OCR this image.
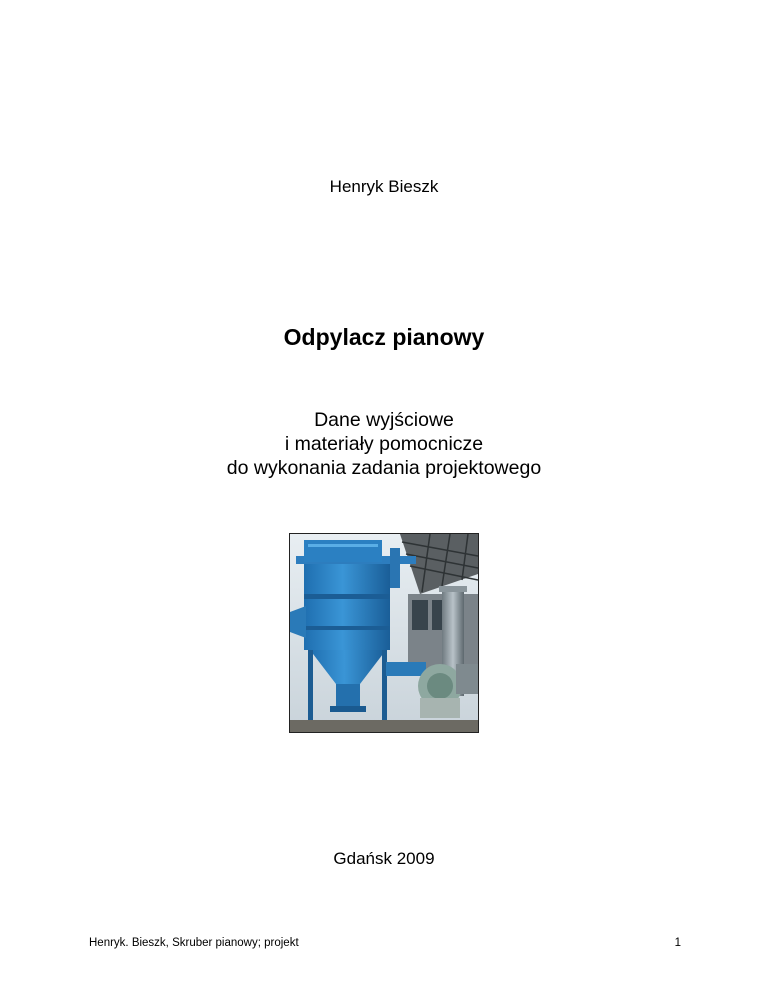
Henryk Bieszk
Odpylacz pianowy
Dane wyjściowe
i materiały pomocnicze
do wykonania zadania projektowego
Gdańsk 2009
Henryk. Bieszk, Skruber pianowy; projekt	1
